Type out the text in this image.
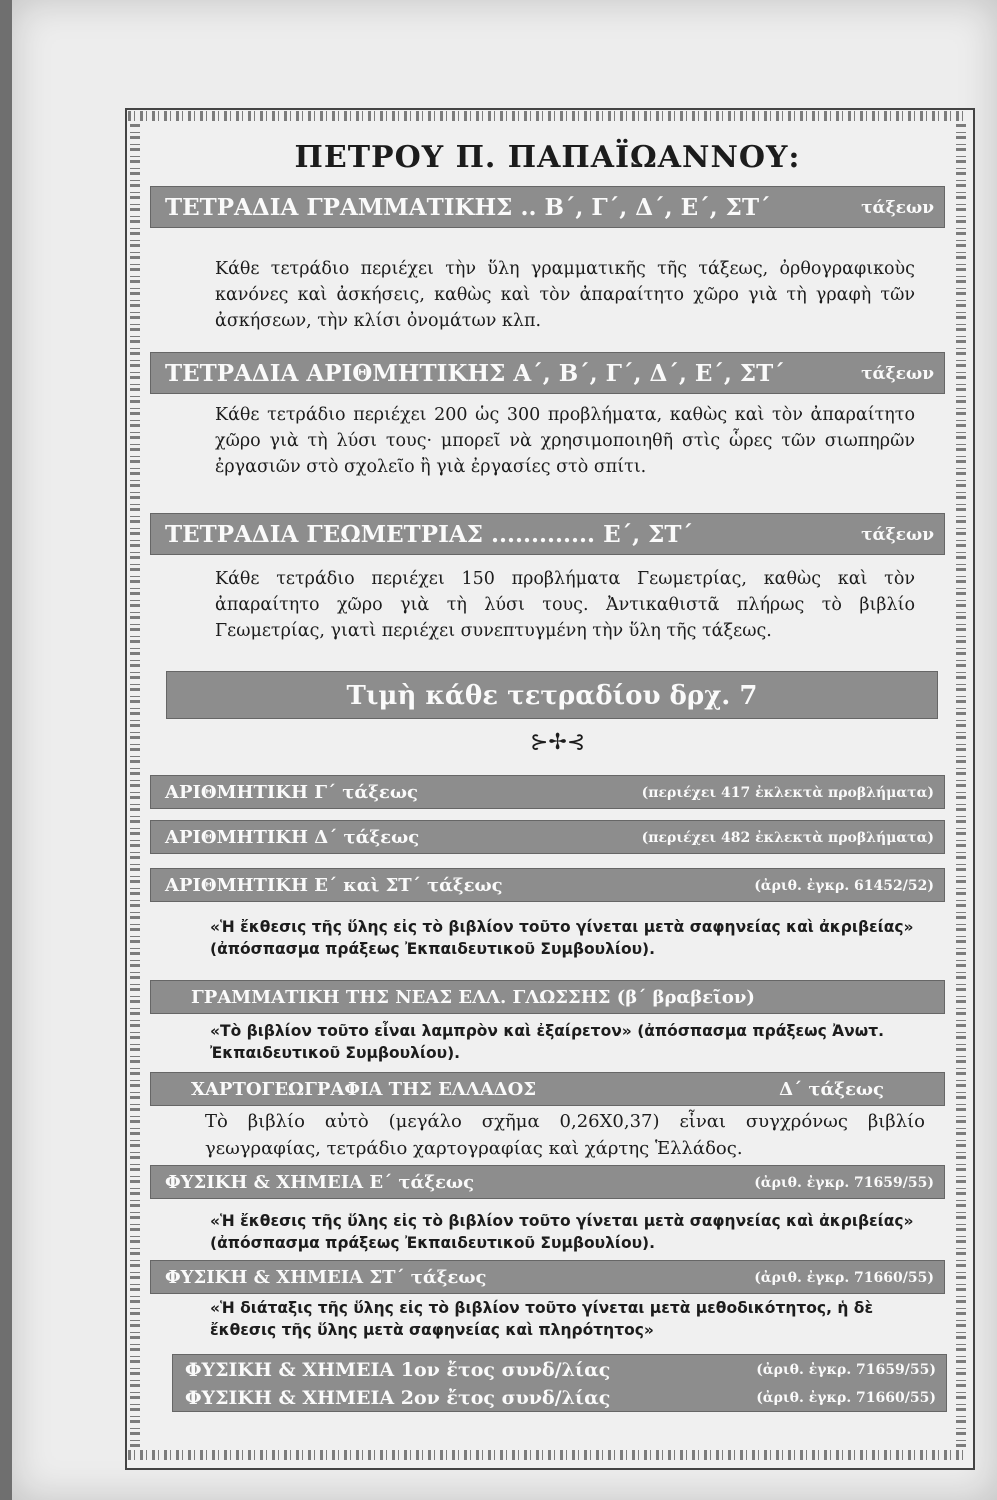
ΠΕΤΡΟΥ Π. ΠΑΠΑΪΩΑΝΝΟΥ:
ΤΕΤΡΑΔΙΑ ΓΡΑΜΜΑΤΙΚΗΣ .. Β΄, Γ΄, Δ΄, Ε΄, ΣΤ΄	τάξεων
Κάθε τετράδιο περιέχει τὴν ὕλη γραμματικῆς τῆς τάξεως, ὀρθογραφικοὺς κανόνες καὶ ἀσκήσεις, καθὼς καὶ τὸν ἀπαραίτητο χῶρο γιὰ τὴ γραφὴ τῶν ἀσκήσεων, τὴν κλίσι ὀνομάτων κλπ.
ΤΕΤΡΑΔΙΑ ΑΡΙΘΜΗΤΙΚΗΣ Α΄, Β΄, Γ΄, Δ΄, Ε΄, ΣΤ΄	τάξεων
Κάθε τετράδιο περιέχει 200 ὡς 300 προβλήματα, καθὼς καὶ τὸν ἀπαραίτητο χῶρο γιὰ τὴ λύσι τους· μπορεῖ νὰ χρησιμοποιηθῆ στὶς ὧρες τῶν σιωπηρῶν ἐργασιῶν στὸ σχολεῖο ἢ γιὰ ἐργασίες στὸ σπίτι.
ΤΕΤΡΑΔΙΑ ΓΕΩΜΕΤΡΙΑΣ ............. Ε΄, ΣΤ΄	τάξεων
Κάθε τετράδιο περιέχει 150 προβλήματα Γεωμετρίας, καθὼς καὶ τὸν ἀπαραίτητο χῶρο γιὰ τὴ λύσι τους. Ἀντικαθιστᾶ πλήρως τὸ βιβλίο Γεωμετρίας, γιατὶ περιέχει συνεπτυγμένη τὴν ὕλη τῆς τάξεως.
Τιμὴ κάθε τετραδίου δρχ. 7
⊱✢⊰
ΑΡΙΘΜΗΤΙΚΗ Γ΄ τάξεως	(περιέχει 417 ἐκλεκτὰ προβλήματα)
ΑΡΙΘΜΗΤΙΚΗ Δ΄ τάξεως	(περιέχει 482 ἐκλεκτὰ προβλήματα)
ΑΡΙΘΜΗΤΙΚΗ Ε΄ καὶ ΣΤ΄ τάξεως	(ἀριθ. ἐγκρ. 61452/52)
«Ἡ ἔκθεσις τῆς ὕλης εἰς τὸ βιβλίον τοῦτο γίνεται μετὰ σαφηνείας καὶ ἀκριβείας» (ἀπόσπασμα πράξεως Ἐκπαιδευτικοῦ Συμβουλίου).
ΓΡΑΜΜΑΤΙΚΗ ΤΗΣ ΝΕΑΣ ΕΛΛ. ΓΛΩΣΣΗΣ (β΄ βραβεῖον)
«Τὸ βιβλίον τοῦτο εἶναι λαμπρὸν καὶ ἐξαίρετον» (ἀπόσπασμα πράξεως Ἀνωτ. Ἐκπαιδευτικοῦ Συμβουλίου).
ΧΑΡΤΟΓΕΩΓΡΑΦΙΑ ΤΗΣ ΕΛΛΑΔΟΣ	Δ΄ τάξεως
Τὸ βιβλίο αὐτὸ (μεγάλο σχῆμα 0,26Χ0,37) εἶναι συγχρόνως βιβλίο γεωγραφίας, τετράδιο χαρτογραφίας καὶ χάρτης Ἑλλάδος.
ΦΥΣΙΚΗ & ΧΗΜΕΙΑ Ε΄ τάξεως	(ἀριθ. ἐγκρ. 71659/55)
«Ἡ ἔκθεσις τῆς ὕλης εἰς τὸ βιβλίον τοῦτο γίνεται μετὰ σαφηνείας καὶ ἀκριβείας» (ἀπόσπασμα πράξεως Ἐκπαιδευτικοῦ Συμβουλίου).
ΦΥΣΙΚΗ & ΧΗΜΕΙΑ ΣΤ΄ τάξεως	(ἀριθ. ἐγκρ. 71660/55)
«Ἡ διάταξις τῆς ὕλης εἰς τὸ βιβλίον τοῦτο γίνεται μετὰ μεθοδικότητος, ἡ δὲ ἔκθεσις τῆς ὕλης μετὰ σαφηνείας καὶ πληρότητος»
ΦΥΣΙΚΗ & ΧΗΜΕΙΑ 1ον ἔτος συνδ/λίας	(ἀριθ. ἐγκρ. 71659/55)
ΦΥΣΙΚΗ & ΧΗΜΕΙΑ 2ον ἔτος συνδ/λίας	(ἀριθ. ἐγκρ. 71660/55)
